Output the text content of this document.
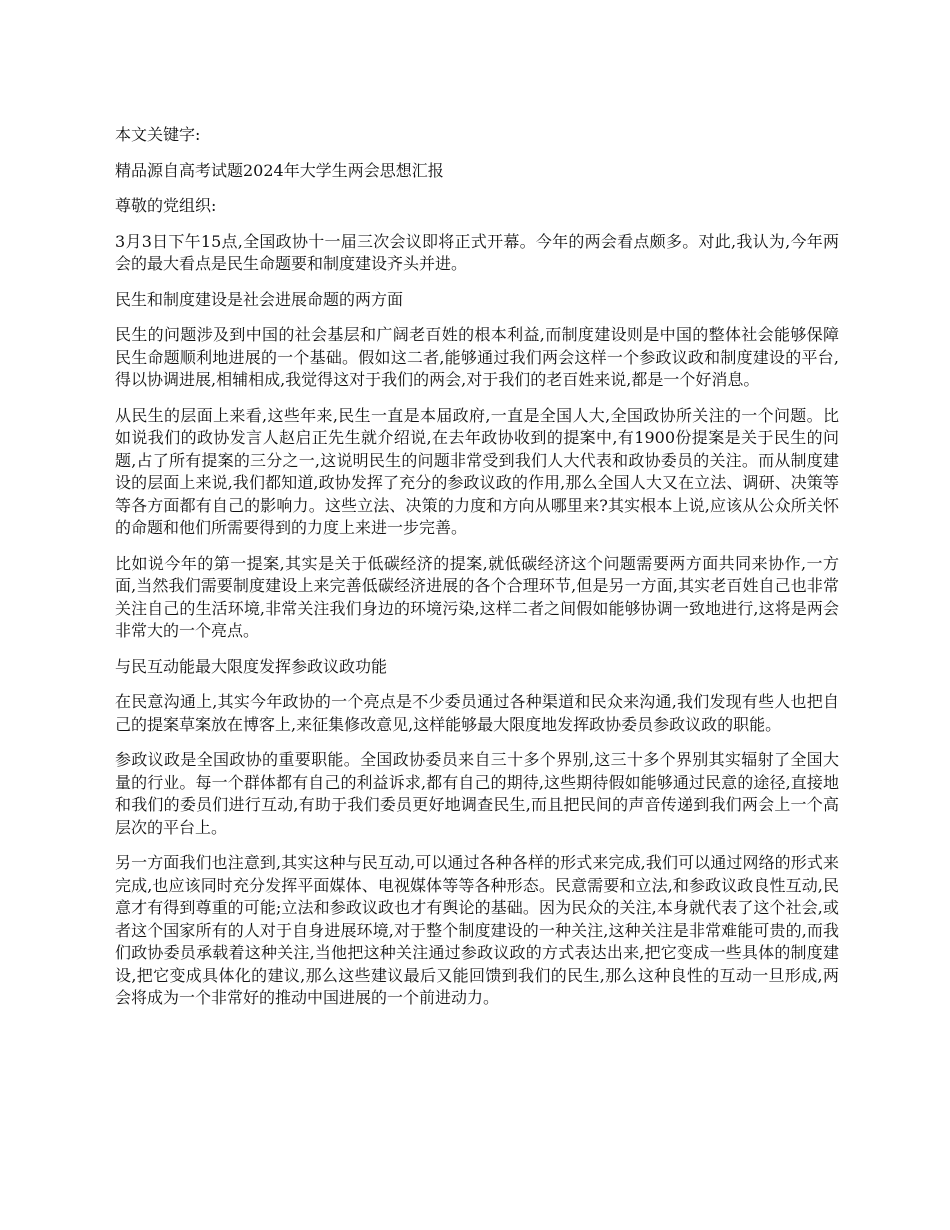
本文关键字:

精品源自高考试题2024年大学生两会思想汇报

尊敬的党组织:

3月3日下午15点,全国政协十一届三次会议即将正式开幕。今年的两会看点颇多。对此,我认为,今年两会的最大看点是民生命题要和制度建设齐头并进。

民生和制度建设是社会进展命题的两方面

民生的问题涉及到中国的社会基层和广阔老百姓的根本利益,而制度建设则是中国的整体社会能够保障民生命题顺利地进展的一个基础。假如这二者,能够通过我们两会这样一个参政议政和制度建设的平台,得以协调进展,相辅相成,我觉得这对于我们的两会,对于我们的老百姓来说,都是一个好消息。

从民生的层面上来看,这些年来,民生一直是本届政府,一直是全国人大,全国政协所关注的一个问题。比如说我们的政协发言人赵启正先生就介绍说,在去年政协收到的提案中,有1900份提案是关于民生的问题,占了所有提案的三分之一,这说明民生的问题非常受到我们人大代表和政协委员的关注。而从制度建设的层面上来说,我们都知道,政协发挥了充分的参政议政的作用,那么全国人大又在立法、调研、决策等等各方面都有自己的影响力。这些立法、决策的力度和方向从哪里来?其实根本上说,应该从公众所关怀的命题和他们所需要得到的力度上来进一步完善。

比如说今年的第一提案,其实是关于低碳经济的提案,就低碳经济这个问题需要两方面共同来协作,一方面,当然我们需要制度建设上来完善低碳经济进展的各个合理环节,但是另一方面,其实老百姓自己也非常关注自己的生活环境,非常关注我们身边的环境污染,这样二者之间假如能够协调一致地进行,这将是两会非常大的一个亮点。

与民互动能最大限度发挥参政议政功能

在民意沟通上,其实今年政协的一个亮点是不少委员通过各种渠道和民众来沟通,我们发现有些人也把自己的提案草案放在博客上,来征集修改意见,这样能够最大限度地发挥政协委员参政议政的职能。

参政议政是全国政协的重要职能。全国政协委员来自三十多个界别,这三十多个界别其实辐射了全国大量的行业。每一个群体都有自己的利益诉求,都有自己的期待,这些期待假如能够通过民意的途径,直接地和我们的委员们进行互动,有助于我们委员更好地调查民生,而且把民间的声音传递到我们两会上一个高层次的平台上。

另一方面我们也注意到,其实这种与民互动,可以通过各种各样的形式来完成,我们可以通过网络的形式来完成,也应该同时充分发挥平面媒体、电视媒体等等各种形态。民意需要和立法,和参政议政良性互动,民意才有得到尊重的可能;立法和参政议政也才有舆论的基础。因为民众的关注,本身就代表了这个社会,或者这个国家所有的人对于自身进展环境,对于整个制度建设的一种关注,这种关注是非常难能可贵的,而我们政协委员承载着这种关注,当他把这种关注通过参政议政的方式表达出来,把它变成一些具体的制度建设,把它变成具体化的建议,那么这些建议最后又能回馈到我们的民生,那么这种良性的互动一旦形成,两会将成为一个非常好的推动中国进展的一个前进动力。
